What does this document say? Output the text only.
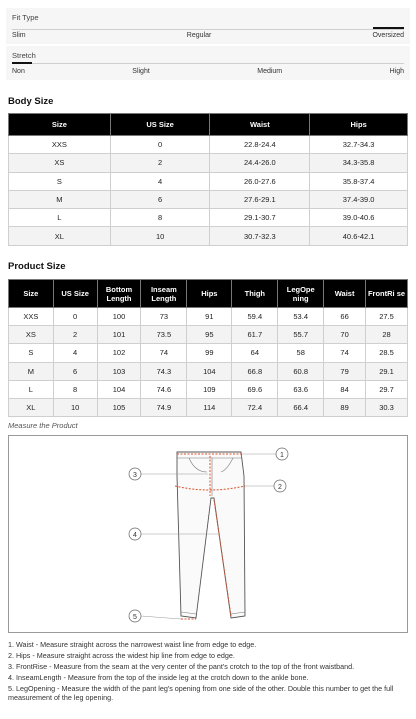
Fit Type
Slim	Regular	Oversized
Stretch
Non	Slight	Medium	High
Body Size
Size	US Size	Waist	Hips
XXS	0	22.8-24.4	32.7-34.3
XS	2	24.4-26.0	34.3-35.8
S	4	26.0-27.6	35.8-37.4
M	6	27.6-29.1	37.4-39.0
L	8	29.1-30.7	39.0-40.6
XL	10	30.7-32.3	40.6-42.1
Product Size
Size	US Size	Bottom Length	Inseam Length	Hips	Thigh	LegOpe ning	Waist	FrontRi se
XXS	0	100	73	91	59.4	53.4	66	27.5
XS	2	101	73.5	95	61.7	55.7	70	28
S	4	102	74	99	64	58	74	28.5
M	6	103	74.3	104	66.8	60.8	79	29.1
L	8	104	74.6	109	69.6	63.6	84	29.7
XL	10	105	74.9	114	72.4	66.4	89	30.3
Measure the Product
1
2
3
4
5

1. Waist - Measure straight across the narrowest waist line from edge to edge.

2. Hips - Measure straight across the widest hip line from edge to edge.

3. FrontRise - Measure from the seam at the very center of the pant's crotch to the top of the front waistband.

4. InseamLength - Measure from the top of the inside leg at the crotch down to the ankle bone.

5. LegOpening - Measure the width of the pant leg's opening from one side of the other. Double this number to get the full measurement of the leg opening.
